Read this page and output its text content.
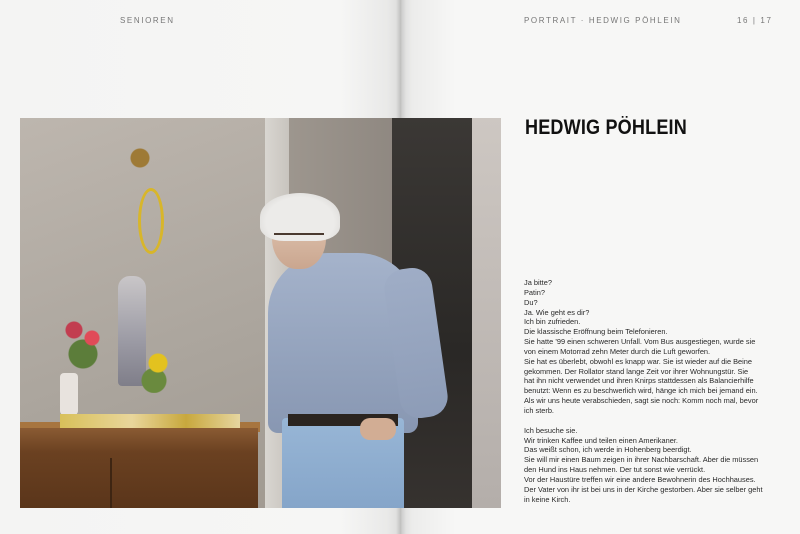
SENIOREN	PORTRAIT · HEDWIG PÖHLEIN	16 | 17
HEDWIG PÖHLEIN
Ja bitte?
Patin?
Du?
Ja. Wie geht es dir?
Ich bin zufrieden.
Die klassische Eröffnung beim Telefonieren.
Sie hatte ’99 einen schweren Unfall. Vom Bus ausgestiegen, wurde sie
von einem Motorrad zehn Meter durch die Luft geworfen.
Sie hat es überlebt, obwohl es knapp war. Sie ist wieder auf die Beine
gekommen. Der Rollator stand lange Zeit vor ihrer Wohnungstür. Sie
hat ihn nicht verwendet und ihren Knirps stattdessen als Balancierhilfe
benutzt: Wenn es zu beschwerlich wird, hänge ich mich bei jemand ein.
Als wir uns heute verabschieden, sagt sie noch: Komm noch mal, bevor
ich sterb.
Ich besuche sie.
Wir trinken Kaffee und teilen einen Amerikaner.
Das weißt schon, ich werde in Hohenberg beerdigt.
Sie will mir einen Baum zeigen in ihrer Nachbarschaft. Aber die müssen
den Hund ins Haus nehmen. Der tut sonst wie verrückt.
Vor der Haustüre treffen wir eine andere Bewohnerin des Hochhauses.
Der Vater von ihr ist bei uns in der Kirche gestorben. Aber sie selber geht
in keine Kirch.
